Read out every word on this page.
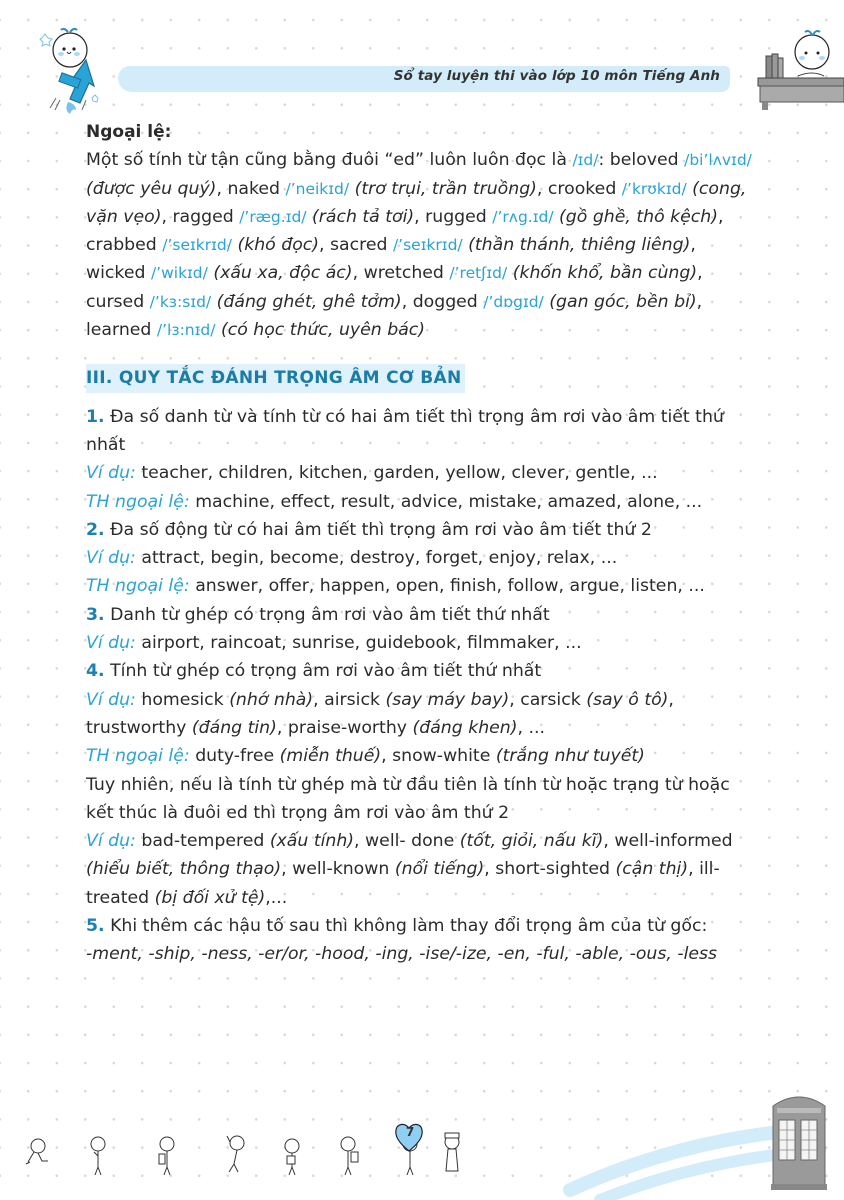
Sổ tay luyện thi vào lớp 10 môn Tiếng Anh

Ngoại lệ:

Một số tính từ tận cũng bằng đuôi “ed” luôn luôn đọc là /ɪd/: beloved /bi’lʌvɪd/ (được yêu quý), naked /’neikɪd/ (trơ trụi, trần truồng), crooked /’krʊkɪd/ (cong, vặn vẹo), ragged /’ræg.ɪd/ (rách tả tơi), rugged /’rʌg.ɪd/ (gồ ghề, thô kệch), crabbed /’seɪkrɪd/ (khó đọc), sacred /’seɪkrɪd/ (thần thánh, thiêng liêng), wicked /’wikɪd/ (xấu xa, độc ác), wretched /’retʃɪd/ (khốn khổ, bần cùng), cursed /’kɜ:sɪd/ (đáng ghét, ghê tởm), dogged /’dɒgɪd/ (gan góc, bền bỉ), learned /’lɜ:nɪd/ (có học thức, uyên bác)

III. QUY TẮC ĐÁNH TRỌNG ÂM CƠ BẢN

1. Đa số danh từ và tính từ có hai âm tiết thì trọng âm rơi vào âm tiết thứ nhất

Ví dụ: teacher, children, kitchen, garden, yellow, clever, gentle, ...

TH ngoại lệ: machine, effect, result, advice, mistake, amazed, alone, ...

2. Đa số động từ có hai âm tiết thì trọng âm rơi vào âm tiết thứ 2

Ví dụ: attract, begin, become, destroy, forget, enjoy, relax, ...

TH ngoại lệ: answer, offer, happen, open, finish, follow, argue, listen, ...

3. Danh từ ghép có trọng âm rơi vào âm tiết thứ nhất

Ví dụ: airport, raincoat, sunrise, guidebook, filmmaker, ...

4. Tính từ ghép có trọng âm rơi vào âm tiết thứ nhất

Ví dụ: homesick (nhớ nhà), airsick (say máy bay), carsick (say ô tô), trustworthy (đáng tin), praise-worthy (đáng khen), ...

TH ngoại lệ: duty-free (miễn thuế), snow-white (trắng như tuyết)

Tuy nhiên, nếu là tính từ ghép mà từ đầu tiên là tính từ hoặc trạng từ hoặc kết thúc là đuôi ed thì trọng âm rơi vào âm thứ 2

Ví dụ: bad-tempered (xấu tính), well- done (tốt, giỏi, nấu kĩ), well-informed (hiểu biết, thông thạo), well-known (nổi tiếng), short-sighted (cận thị), ill-treated (bị đối xử tệ),...

5. Khi thêm các hậu tố sau thì không làm thay đổi trọng âm của từ gốc:

-ment, -ship, -ness, -er/or, -hood, -ing, -ise/-ize, -en, -ful, -able, -ous, -less

7
